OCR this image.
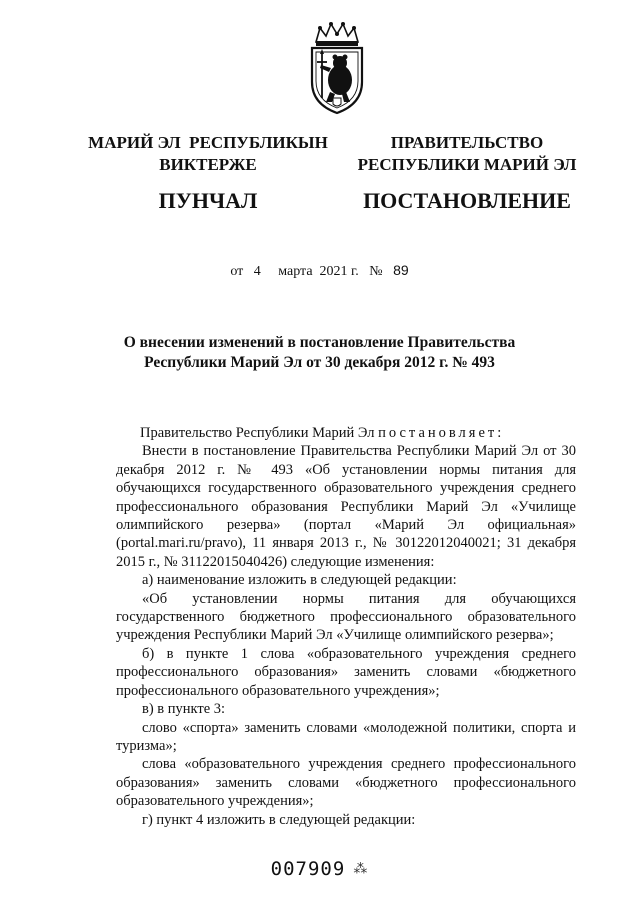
МАРИЙ ЭЛ  РЕСПУБЛИКЫН
ВИКТЕРЖЕ
ПУНЧАЛ
ПРАВИТЕЛЬСТВО
РЕСПУБЛИКИ МАРИЙ ЭЛ
ПОСТАНОВЛЕНИЕ
от 4 марта  2021 г. № 89
О внесении изменений в постановление Правительства
Республики Марий Эл от 30 декабря 2012 г. № 493

Правительство Республики Марий Эл постановляет:

Внести в постановление Правительства Республики Марий Эл от 30 декабря 2012 г. № 493 «Об установлении нормы питания для обучающихся государственного образовательного учреждения среднего профессионального образования Республики Марий Эл «Училище олимпийского резерва» (портал «Марий Эл официальная» (portal.mari.ru/pravo), 11 января 2013 г., № 30122012040021; 31 декабря 2015 г., № 31122015040426) следующие изменения:

а) наименование изложить в следующей редакции:

«Об установлении нормы питания для обучающихся государственного бюджетного профессионального образовательного учреждения Республики Марий Эл «Училище олимпийского резерва»;

б) в пункте 1 слова «образовательного учреждения среднего профессионального образования» заменить словами «бюджетного профессионального образовательного учреждения»;

в) в пункте 3:

слово «спорта» заменить словами «молодежной политики, спорта и туризма»;

слова «образовательного учреждения среднего профессионального образования» заменить словами «бюджетного профессионального образовательного учреждения»;

г) пункт 4 изложить в следующей редакции:

007909 ⁂
